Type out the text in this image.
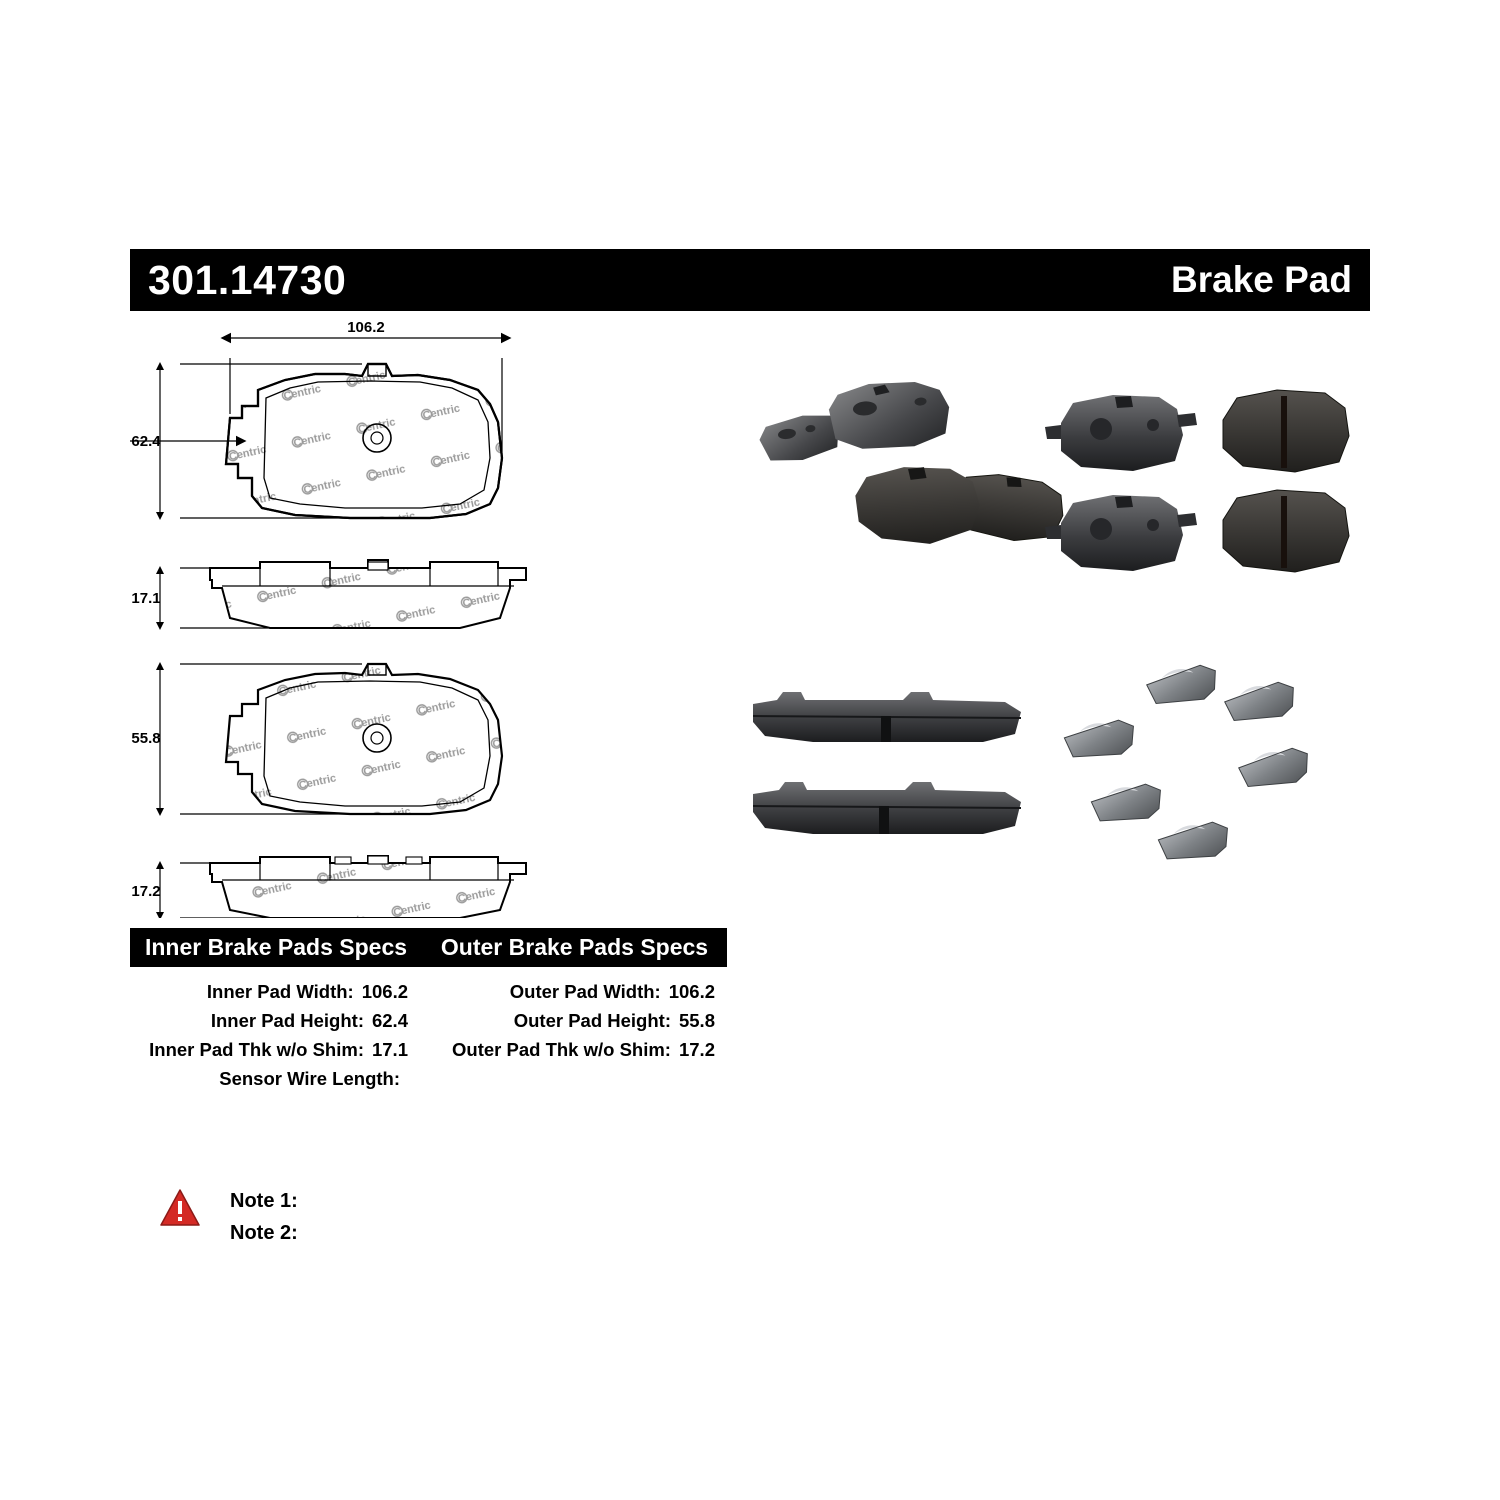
301.14730	Brake Pad
106.2
62.4
17.1
55.8
17.2
Inner Brake Pads Specs	Outer Brake Pads Specs
Inner Pad Width: 106.2
Inner Pad Height: 62.4
Inner Pad Thk w/o Shim: 17.1
Sensor Wire Length:
Outer Pad Width: 106.2
Outer Pad Height: 55.8
Outer Pad Thk w/o Shim: 17.2
Note 1:
Note 2:
